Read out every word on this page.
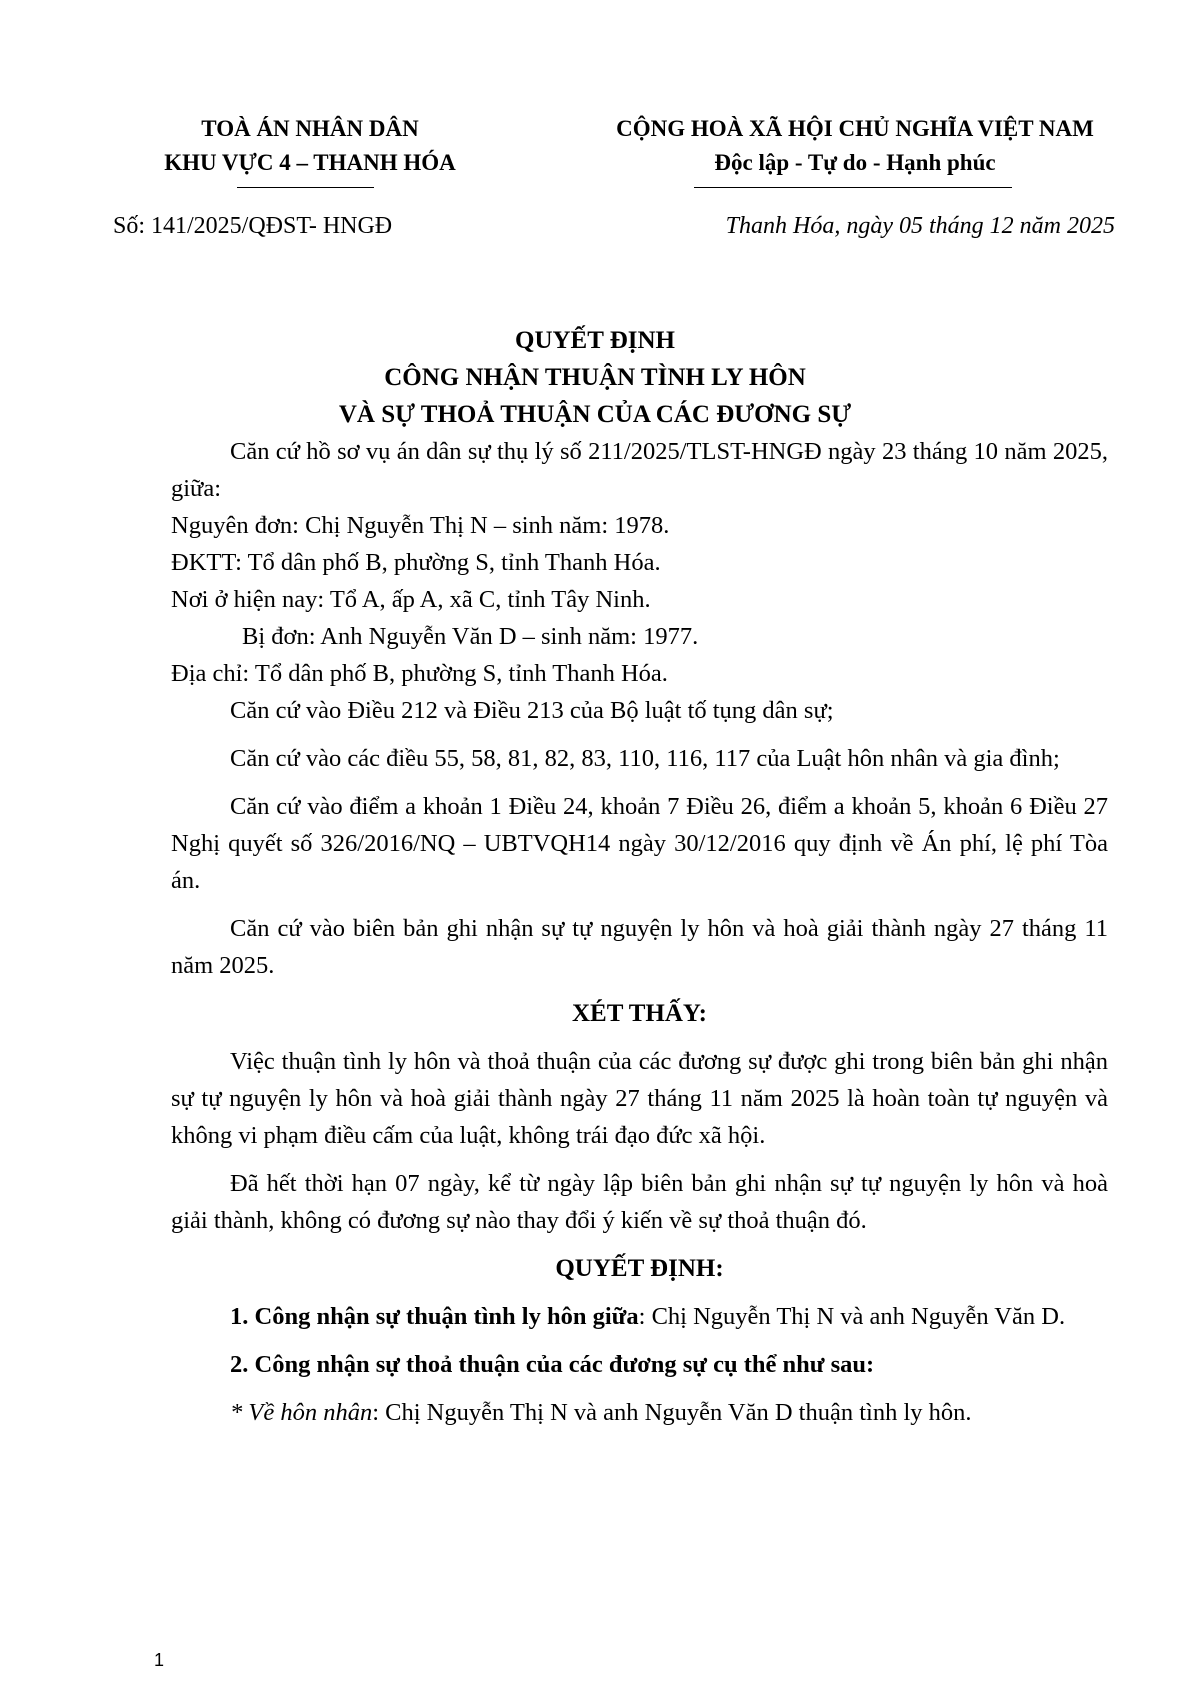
TOÀ ÁN NHÂN DÂN
KHU VỰC 4 – THANH HÓA
CỘNG HOÀ XÃ HỘI CHỦ NGHĨA VIỆT NAM
Độc lập - Tự do - Hạnh phúc
Số: 141/2025/QĐST- HNGĐ	Thanh Hóa, ngày 05 tháng 12 năm 2025
QUYẾT ĐỊNH
CÔNG NHẬN THUẬN TÌNH LY HÔN
VÀ SỰ THOẢ THUẬN CỦA CÁC ĐƯƠNG SỰ

Căn cứ hồ sơ vụ án dân sự thụ lý số 211/2025/TLST-HNGĐ ngày 23 tháng 10 năm 2025, giữa:

Nguyên đơn: Chị Nguyễn Thị N – sinh năm: 1978.

ĐKTT: Tổ dân phố B, phường S, tỉnh Thanh Hóa.

Nơi ở hiện nay: Tổ A, ấp A, xã C, tỉnh Tây Ninh.

Bị đơn: Anh Nguyễn Văn D – sinh năm: 1977.

Địa chỉ: Tổ dân phố B, phường S, tỉnh Thanh Hóa.

Căn cứ vào Điều 212 và Điều 213 của Bộ luật tố tụng dân sự;

Căn cứ vào các điều 55, 58, 81, 82, 83, 110, 116, 117 của Luật hôn nhân và gia đình;

Căn cứ vào điểm a khoản 1 Điều 24, khoản 7 Điều 26, điểm a khoản 5, khoản 6 Điều 27 Nghị quyết số 326/2016/NQ – UBTVQH14 ngày 30/12/2016 quy định về Án phí, lệ phí Tòa án.

Căn cứ vào biên bản ghi nhận sự tự nguyện ly hôn và hoà giải thành ngày 27 tháng 11 năm 2025.

XÉT THẤY:

Việc thuận tình ly hôn và thoả thuận của các đương sự được ghi trong biên bản ghi nhận sự tự nguyện ly hôn và hoà giải thành ngày 27 tháng 11 năm 2025 là hoàn toàn tự nguyện và không vi phạm điều cấm của luật, không trái đạo đức xã hội.

Đã hết thời hạn 07 ngày, kể từ ngày lập biên bản ghi nhận sự tự nguyện ly hôn và hoà giải thành, không có đương sự nào thay đổi ý kiến về sự thoả thuận đó.

QUYẾT ĐỊNH:

1. Công nhận sự thuận tình ly hôn giữa: Chị Nguyễn Thị N và anh Nguyễn Văn D.

2. Công nhận sự thoả thuận của các đương sự cụ thể như sau:

* Về hôn nhân: Chị Nguyễn Thị N và anh Nguyễn Văn D thuận tình ly hôn.

1
